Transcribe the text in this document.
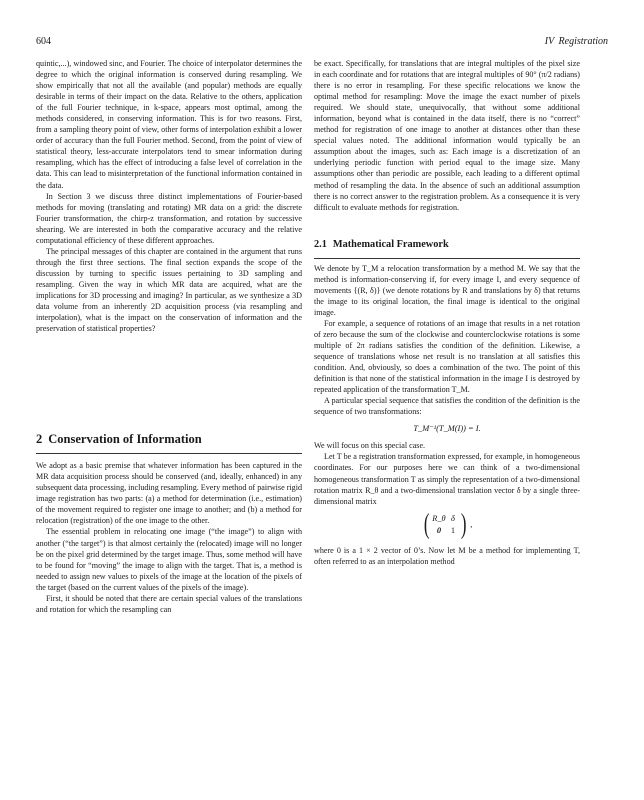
604	IV Registration

quintic,...), windowed sinc, and Fourier. The choice of interpolator determines the degree to which the original information is conserved during resampling. We show empirically that not all the available (and popular) methods are equally desirable in terms of their impact on the data. Relative to the others, application of the full Fourier technique, in k-space, appears most optimal, among the methods considered, in conserving information. This is for two reasons. First, from a sampling theory point of view, other forms of interpolation exhibit a lower order of accuracy than the full Fourier method. Second, from the point of view of statistical theory, less-accurate interpolators tend to smear information during resampling, which has the effect of introducing a false level of correlation in the data. This can lead to misinterpretation of the functional information contained in the data.

In Section 3 we discuss three distinct implementations of Fourier-based methods for moving (translating and rotating) MR data on a grid: the discrete Fourier transformation, the chirp-z transformation, and rotation by successive shearing. We are interested in both the comparative accuracy and the relative computational efficiency of these different approaches.

The principal messages of this chapter are contained in the argument that runs through the first three sections. The final section expands the scope of the discussion by turning to specific issues pertaining to 3D sampling and resampling. Given the way in which MR data are acquired, what are the implications for 3D processing and imaging? In particular, as we synthesize a 3D data volume from an inherently 2D acquisition process (via resampling and interpolation), what is the impact on the conservation of information and the preservation of statistical properties?

2 Conservation of Information

We adopt as a basic premise that whatever information has been captured in the MR data acquisition process should be conserved (and, ideally, enhanced) in any subsequent data processing, including resampling. Every method of pairwise rigid image registration has two parts: (a) a method for determination (i.e., estimation) of the movement required to register one image to another; and (b) a method for relocation (registration) of the one image to the other.

The essential problem in relocating one image (“the image”) to align with another (“the target”) is that almost certainly the (relocated) image will no longer be on the pixel grid determined by the target image. Thus, some method will have to be found for “moving” the image to align with the target. That is, a method is needed to assign new values to pixels of the image at the location of the pixels of the target (based on the current values of the pixels of the image).

First, it should be noted that there are certain special values of the translations and rotation for which the resampling can

be exact. Specifically, for translations that are integral multiples of the pixel size in each coordinate and for rotations that are integral multiples of 90° (π/2 radians) there is no error in resampling. For these specific relocations we know the optimal method for resampling: Move the image the exact number of pixels required. We should state, unequivocally, that without some additional information, beyond what is contained in the data itself, there is no “correct” method for registration of one image to another at distances other than these special values noted. The additional information would typically be an assumption about the images, such as: Each image is a discretization of an underlying periodic function with period equal to the image size. Many assumptions other than periodic are possible, each leading to a different optimal method of resampling the data. In the absence of such an additional assumption there is no correct answer to the registration problem. As a consequence it is very difficult to evaluate methods for registration.

2.1 Mathematical Framework

We denote by T_M a relocation transformation by a method M. We say that the method is information-conserving if, for every image I, and every sequence of movements {(R, δ)} (we denote rotations by R and translations by δ) that returns the image to its original location, the final image is identical to the original image.

For example, a sequence of rotations of an image that results in a net rotation of zero because the sum of the clockwise and counterclockwise rotations is some multiple of 2π radians satisfies the condition of the definition. Likewise, a sequence of translations whose net result is no translation at all satisfies this condition. And, obviously, so does a combination of the two. The point of this definition is that none of the statistical information in the image I is destroyed by repeated application of the transformation T_M.

A particular special sequence that satisfies the condition of the definition is the sequence of two transformations:

T_M⁻¹(T_M(I)) = I.

We will focus on this special case.

Let T be a registration transformation expressed, for example, in homogeneous coordinates. For our purposes here we can think of a two-dimensional homogeneous transformation T as simply the representation of a two-dimensional rotation matrix R_θ and a two-dimensional translation vector δ by a single three-dimensional matrix

( R_θ δ
0	1 ) ,

where 0 is a 1 × 2 vector of 0’s. Now let M be a method for implementing T, often referred to as an interpolation method
